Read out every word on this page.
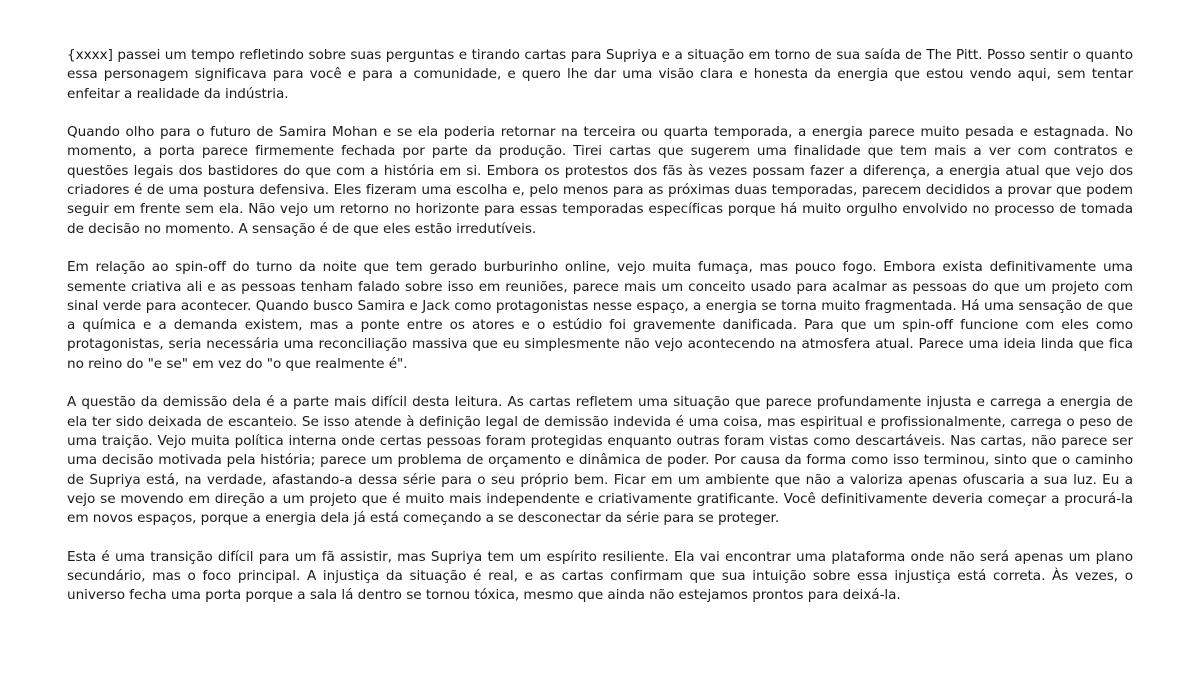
{xxxx] passei um tempo refletindo sobre suas perguntas e tirando cartas para Supriya e a situação em torno de sua saída de The Pitt. Posso sentir o quanto essa personagem significava para você e para a comunidade, e quero lhe dar uma visão clara e honesta da energia que estou vendo aqui, sem tentar enfeitar a realidade da indústria.

Quando olho para o futuro de Samira Mohan e se ela poderia retornar na terceira ou quarta temporada, a energia parece muito pesada e estagnada. No momento, a porta parece firmemente fechada por parte da produção. Tirei cartas que sugerem uma finalidade que tem mais a ver com contratos e questões legais dos bastidores do que com a história em si. Embora os protestos dos fãs às vezes possam fazer a diferença, a energia atual que vejo dos criadores é de uma postura defensiva. Eles fizeram uma escolha e, pelo menos para as próximas duas temporadas, parecem decididos a provar que podem seguir em frente sem ela. Não vejo um retorno no horizonte para essas temporadas específicas porque há muito orgulho envolvido no processo de tomada de decisão no momento. A sensação é de que eles estão irredutíveis.

Em relação ao spin-off do turno da noite que tem gerado burburinho online, vejo muita fumaça, mas pouco fogo. Embora exista definitivamente uma semente criativa ali e as pessoas tenham falado sobre isso em reuniões, parece mais um conceito usado para acalmar as pessoas do que um projeto com sinal verde para acontecer. Quando busco Samira e Jack como protagonistas nesse espaço, a energia se torna muito fragmentada. Há uma sensação de que a química e a demanda existem, mas a ponte entre os atores e o estúdio foi gravemente danificada. Para que um spin-off funcione com eles como protagonistas, seria necessária uma reconciliação massiva que eu simplesmente não vejo acontecendo na atmosfera atual. Parece uma ideia linda que fica no reino do "e se" em vez do "o que realmente é".

A questão da demissão dela é a parte mais difícil desta leitura. As cartas refletem uma situação que parece profundamente injusta e carrega a energia de ela ter sido deixada de escanteio. Se isso atende à definição legal de demissão indevida é uma coisa, mas espiritual e profissionalmente, carrega o peso de uma traição. Vejo muita política interna onde certas pessoas foram protegidas enquanto outras foram vistas como descartáveis. Nas cartas, não parece ser uma decisão motivada pela história; parece um problema de orçamento e dinâmica de poder. Por causa da forma como isso terminou, sinto que o caminho de Supriya está, na verdade, afastando-a dessa série para o seu próprio bem. Ficar em um ambiente que não a valoriza apenas ofuscaria a sua luz. Eu a vejo se movendo em direção a um projeto que é muito mais independente e criativamente gratificante. Você definitivamente deveria começar a procurá-la em novos espaços, porque a energia dela já está começando a se desconectar da série para se proteger.

Esta é uma transição difícil para um fã assistir, mas Supriya tem um espírito resiliente. Ela vai encontrar uma plataforma onde não será apenas um plano secundário, mas o foco principal. A injustiça da situação é real, e as cartas confirmam que sua intuição sobre essa injustiça está correta. Às vezes, o universo fecha uma porta porque a sala lá dentro se tornou tóxica, mesmo que ainda não estejamos prontos para deixá-la.
